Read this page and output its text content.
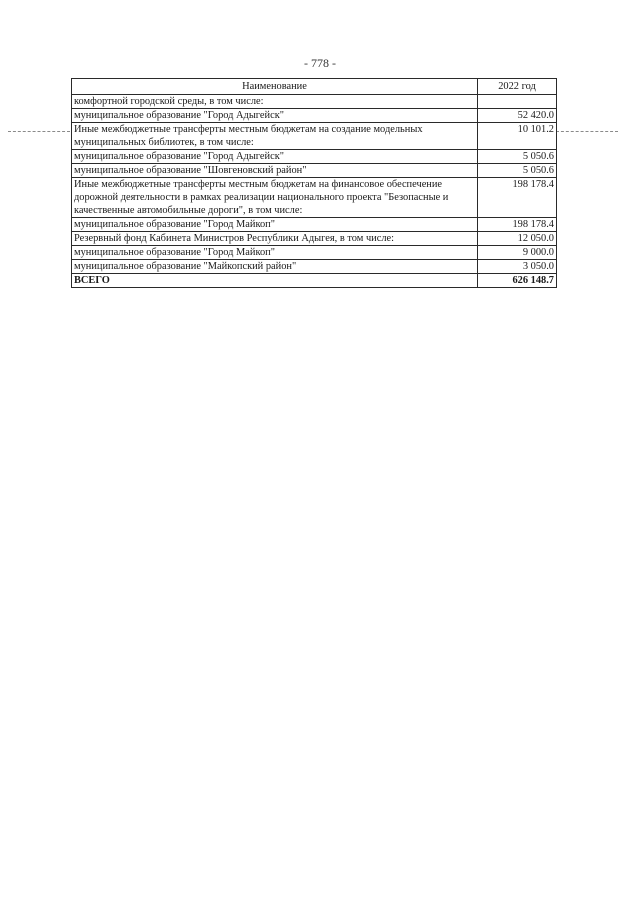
- 778 -
Наименование	2022 год
комфортной городской среды, в том числе:	
муниципальное образование "Город Адыгейск"	52 420.0
Иные межбюджетные трансферты местным бюджетам на создание модельных муниципальных библиотек, в том числе:	10 101.2
муниципальное образование "Город Адыгейск"	5 050.6
муниципальное образование "Шовгеновский район"	5 050.6
Иные межбюджетные трансферты местным бюджетам на финансовое обеспечение дорожной деятельности в рамках реализации национального проекта "Безопасные и качественные автомобильные дороги", в том числе:	198 178.4
муниципальное образование "Город Майкоп"	198 178.4
Резервный фонд Кабинета Министров Республики Адыгея, в том числе:	12 050.0
муниципальное образование "Город Майкоп"	9 000.0
муниципальное образование "Майкопский район"	3 050.0
ВСЕГО	626 148.7
